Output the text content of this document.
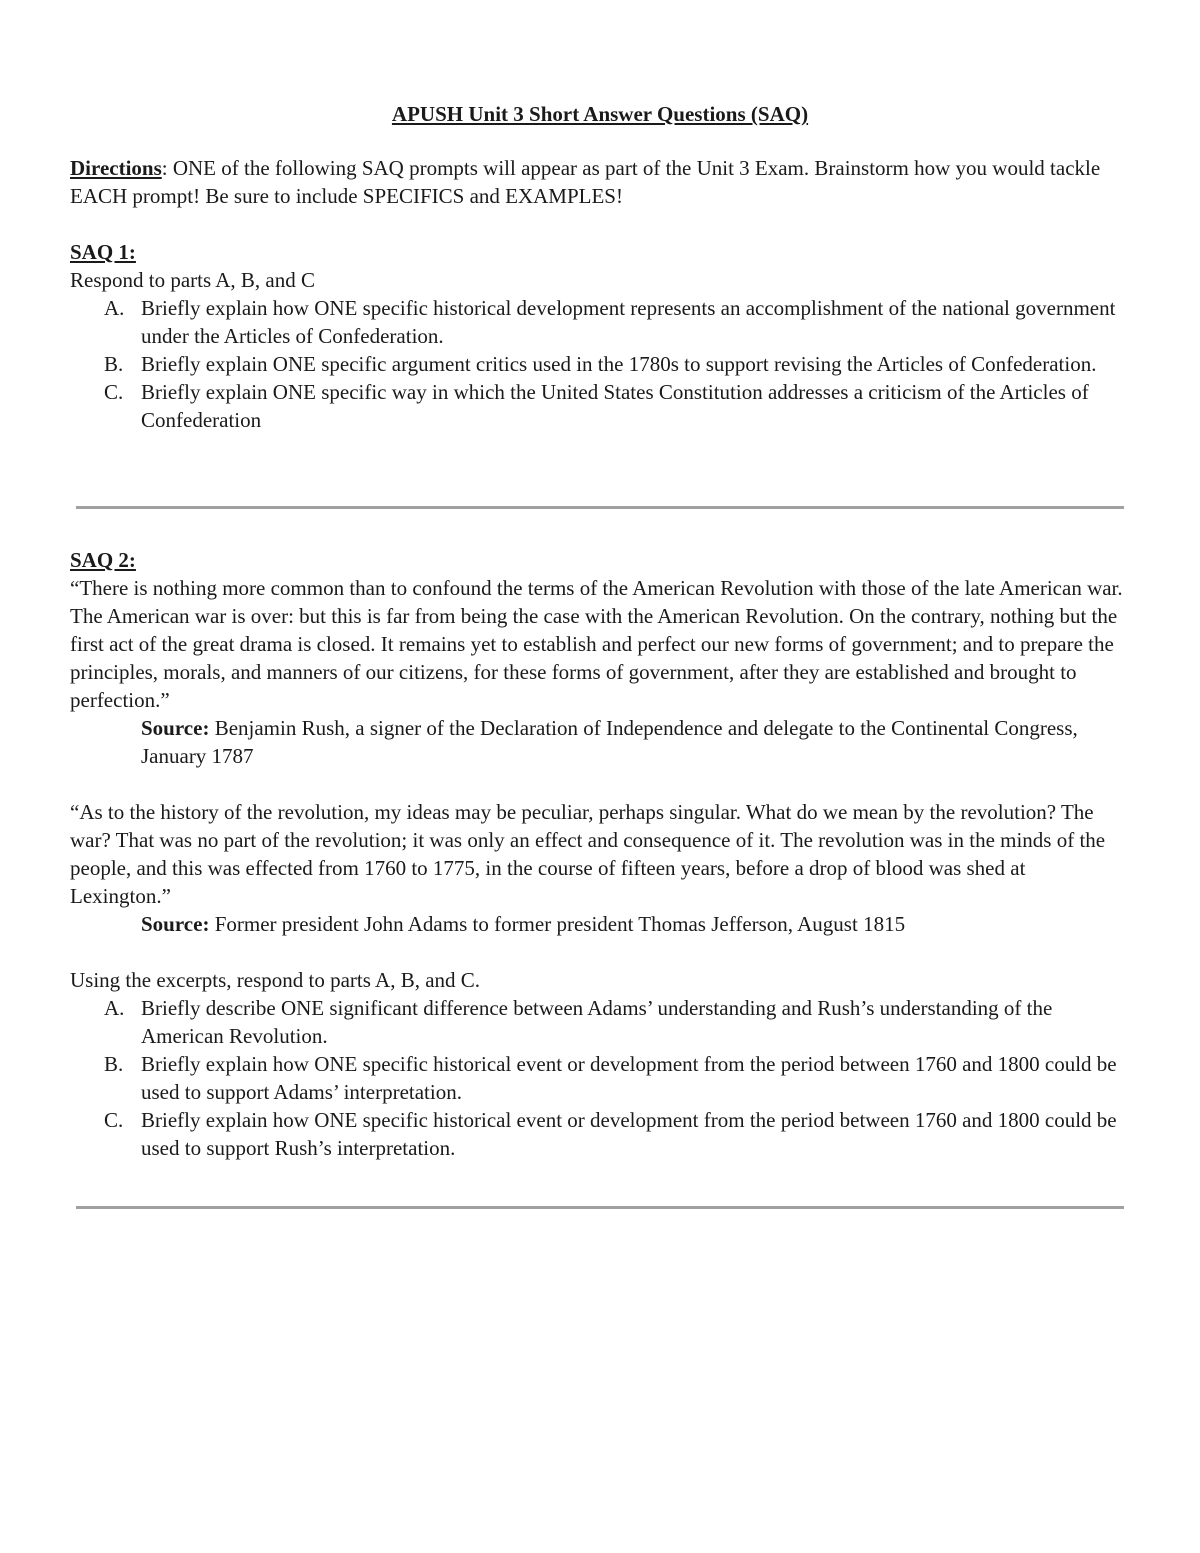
APUSH Unit 3 Short Answer Questions (SAQ)
Directions: ONE of the following SAQ prompts will appear as part of the Unit 3 Exam. Brainstorm how you would tackle EACH prompt! Be sure to include SPECIFICS and EXAMPLES!
SAQ 1:
Respond to parts A, B, and C
A. Briefly explain how ONE specific historical development represents an accomplishment of the national government under the Articles of Confederation.
B. Briefly explain ONE specific argument critics used in the 1780s to support revising the Articles of Confederation.
C. Briefly explain ONE specific way in which the United States Constitution addresses a criticism of the Articles of Confederation
SAQ 2:
“There is nothing more common than to confound the terms of the American Revolution with those of the late American war. The American war is over: but this is far from being the case with the American Revolution. On the contrary, nothing but the first act of the great drama is closed. It remains yet to establish and perfect our new forms of government; and to prepare the principles, morals, and manners of our citizens, for these forms of government, after they are established and brought to perfection.”
Source: Benjamin Rush, a signer of the Declaration of Independence and delegate to the Continental Congress, January 1787
“As to the history of the revolution, my ideas may be peculiar, perhaps singular. What do we mean by the revolution? The war? That was no part of the revolution; it was only an effect and consequence of it. The revolution was in the minds of the people, and this was effected from 1760 to 1775, in the course of fifteen years, before a drop of blood was shed at Lexington.”
Source: Former president John Adams to former president Thomas Jefferson, August 1815
Using the excerpts, respond to parts A, B, and C.
A. Briefly describe ONE significant difference between Adams’ understanding and Rush’s understanding of the American Revolution.
B. Briefly explain how ONE specific historical event or development from the period between 1760 and 1800 could be used to support Adams’ interpretation.
C. Briefly explain how ONE specific historical event or development from the period between 1760 and 1800 could be used to support Rush’s interpretation.
